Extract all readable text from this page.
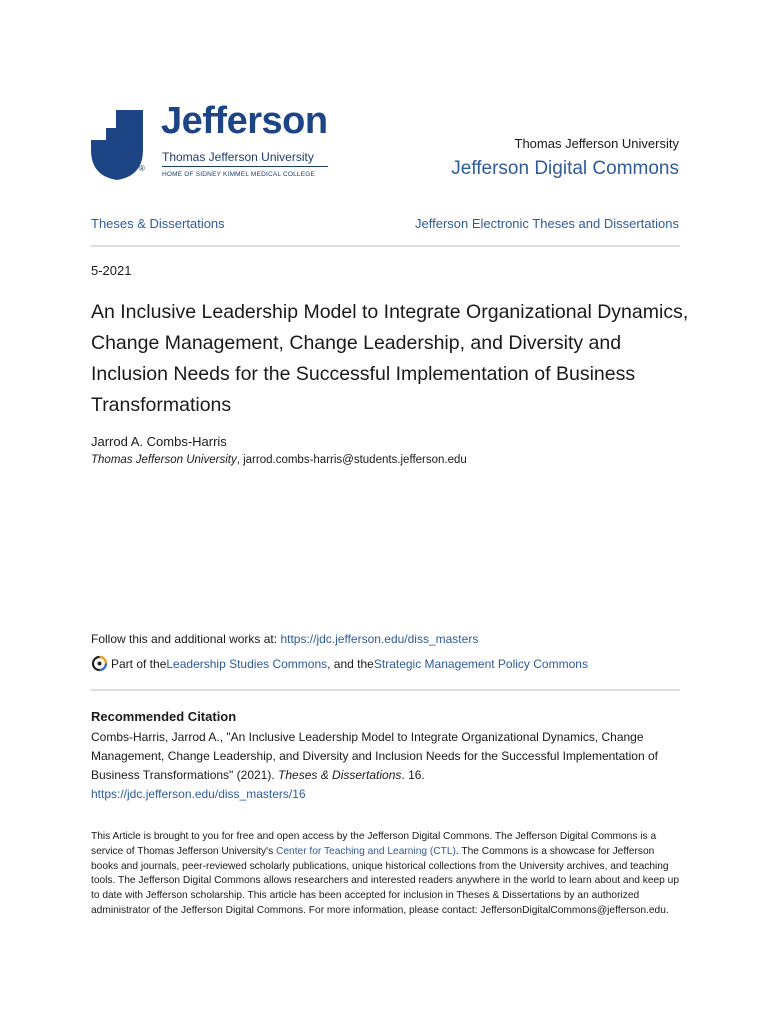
®
Jefferson
Thomas Jefferson University
HOME OF SIDNEY KIMMEL MEDICAL COLLEGE
Thomas Jefferson University
Jefferson Digital Commons
Theses & Dissertations	Jefferson Electronic Theses and Dissertations
5-2021
An Inclusive Leadership Model to Integrate Organizational Dynamics, Change Management, Change Leadership, and Diversity and Inclusion Needs for the Successful Implementation of Business Transformations
Jarrod A. Combs-Harris
Thomas Jefferson University, jarrod.combs-harris@students.jefferson.edu
Follow this and additional works at: https://jdc.jefferson.edu/diss_masters
Part of the Leadership Studies Commons , and the Strategic Management Policy Commons
Recommended Citation
Combs-Harris, Jarrod A., "An Inclusive Leadership Model to Integrate Organizational Dynamics, Change Management, Change Leadership, and Diversity and Inclusion Needs for the Successful Implementation of Business Transformations" (2021). Theses & Dissertations. 16.
https://jdc.jefferson.edu/diss_masters/16
This Article is brought to you for free and open access by the Jefferson Digital Commons. The Jefferson Digital Commons is a service of Thomas Jefferson University's Center for Teaching and Learning (CTL). The Commons is a showcase for Jefferson books and journals, peer-reviewed scholarly publications, unique historical collections from the University archives, and teaching tools. The Jefferson Digital Commons allows researchers and interested readers anywhere in the world to learn about and keep up to date with Jefferson scholarship. This article has been accepted for inclusion in Theses & Dissertations by an authorized administrator of the Jefferson Digital Commons. For more information, please contact: JeffersonDigitalCommons@jefferson.edu.
